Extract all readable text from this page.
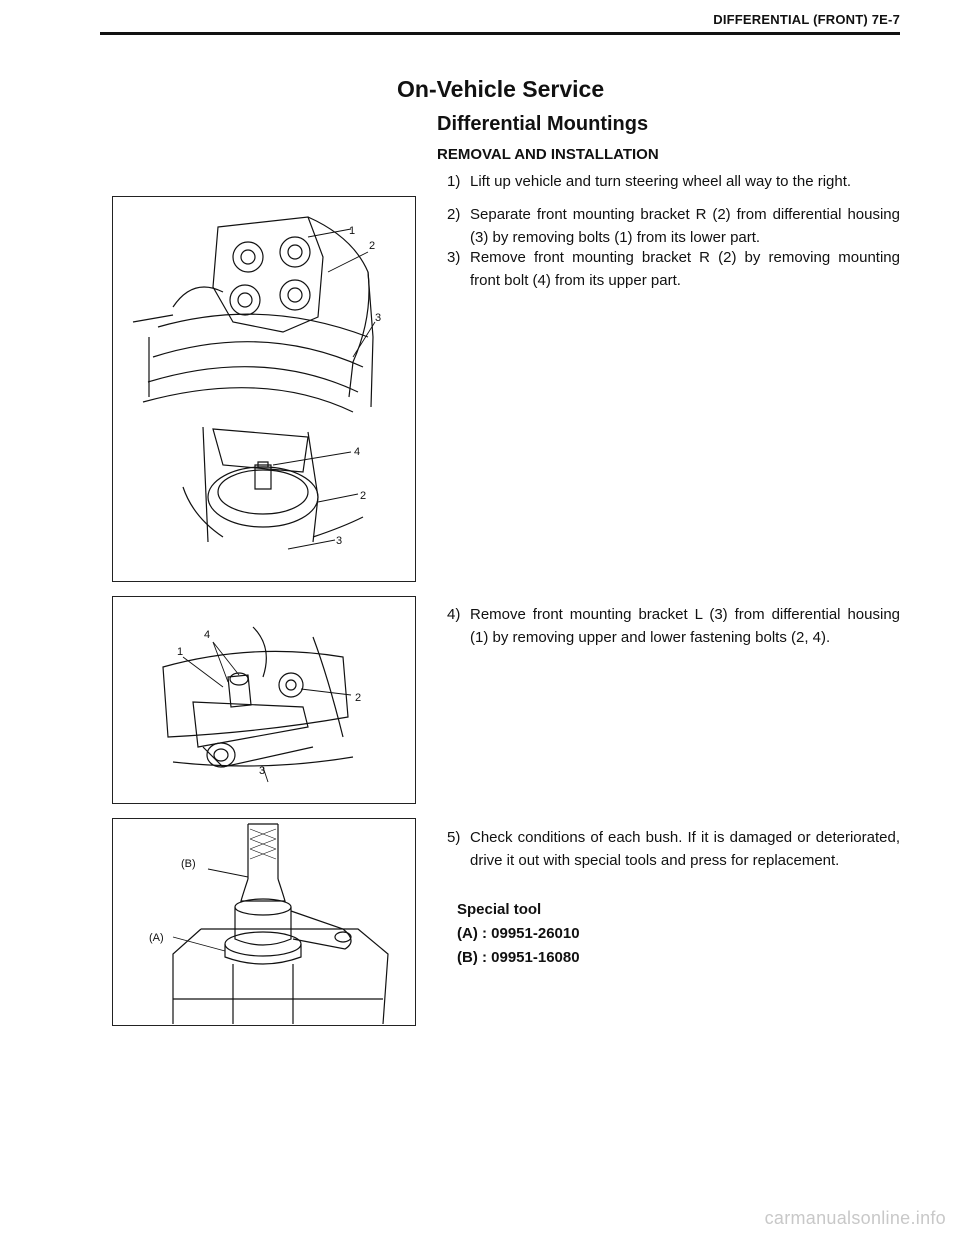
DIFFERENTIAL (FRONT) 7E-7
On-Vehicle Service
Differential Mountings
REMOVAL AND INSTALLATION
1) Lift up vehicle and turn steering wheel all way to the right.
2) Separate front mounting bracket R (2) from differential housing (3) by removing bolts (1) from its lower part.
3) Remove front mounting bracket R (2) by removing mounting front bolt (4) from its upper part.
4) Remove front mounting bracket L (3) from differential housing (1) by removing upper and lower fastening bolts (2, 4).
5) Check conditions of each bush. If it is damaged or deteriorated, drive it out with special tools and press for replacement.
Special tool
(A) : 09951-26010
(B) : 09951-16080
1
2
3
4
2
3
4
1
2
3
(B)
(A)
carmanualsonline.info
